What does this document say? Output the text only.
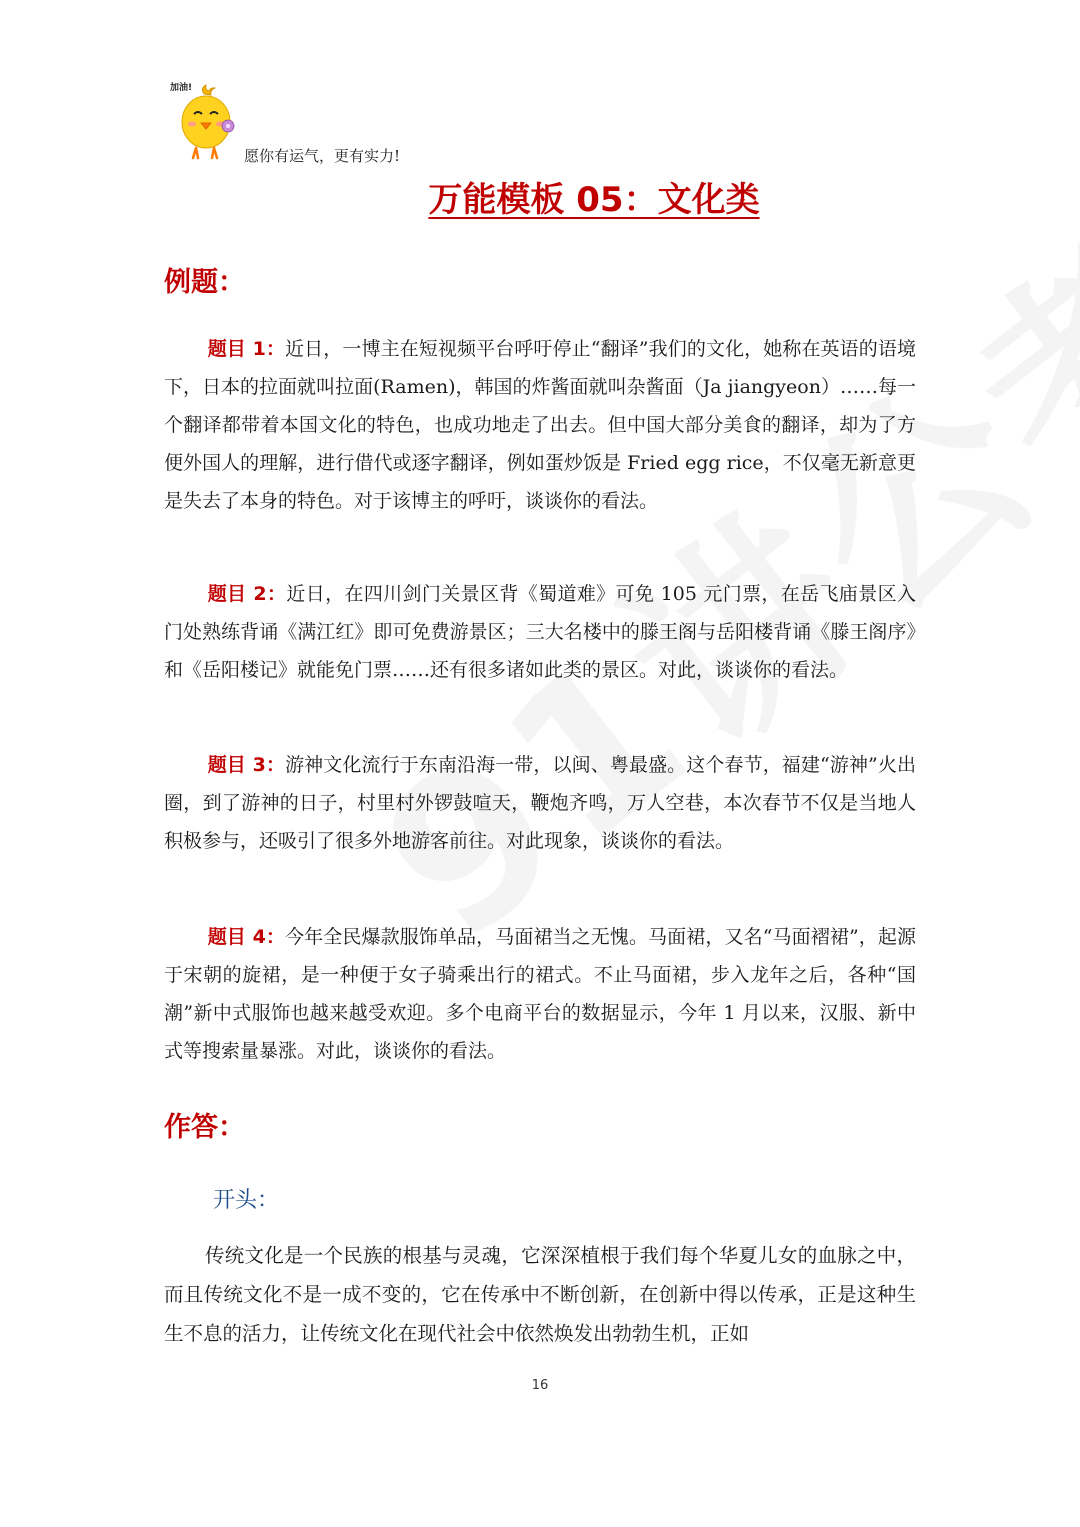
加油!
愿你有运气，更有实力!
万能模板 05：文化类
例题：
题目 1：近日，一博主在短视频平台呼吁停止“翻译”我们的文化，她称在英语的语境下，日本的拉面就叫拉面(Ramen)，韩国的炸酱面就叫杂酱面（Ja jiangyeon）……每一个翻译都带着本国文化的特色，也成功地走了出去。但中国大部分美食的翻译，却为了方便外国人的理解，进行借代或逐字翻译，例如蛋炒饭是 Fried egg rice，不仅毫无新意更是失去了本身的特色。对于该博主的呼吁，谈谈你的看法。
题目 2：近日，在四川剑门关景区背《蜀道难》可免 105 元门票，在岳飞庙景区入门处熟练背诵《满江红》即可免费游景区；三大名楼中的滕王阁与岳阳楼背诵《滕王阁序》和《岳阳楼记》就能免门票……还有很多诸如此类的景区。对此，谈谈你的看法。
题目 3：游神文化流行于东南沿海一带，以闽、粤最盛。这个春节，福建“游神”火出圈，到了游神的日子，村里村外锣鼓喧天，鞭炮齐鸣，万人空巷，本次春节不仅是当地人积极参与，还吸引了很多外地游客前往。对此现象，谈谈你的看法。
题目 4：今年全民爆款服饰单品，马面裙当之无愧。马面裙，又名“马面褶裙”，起源于宋朝的旋裙，是一种便于女子骑乘出行的裙式。不止马面裙，步入龙年之后，各种“国潮”新中式服饰也越来越受欢迎。多个电商平台的数据显示，今年 1 月以来，汉服、新中式等搜索量暴涨。对此，谈谈你的看法。
作答：
开头：
传统文化是一个民族的根基与灵魂，它深深植根于我们每个华夏儿女的血脉之中，而且传统文化不是一成不变的，它在传承中不断创新，在创新中得以传承，正是这种生生不息的活力，让传统文化在现代社会中依然焕发出勃勃生机，正如
16
